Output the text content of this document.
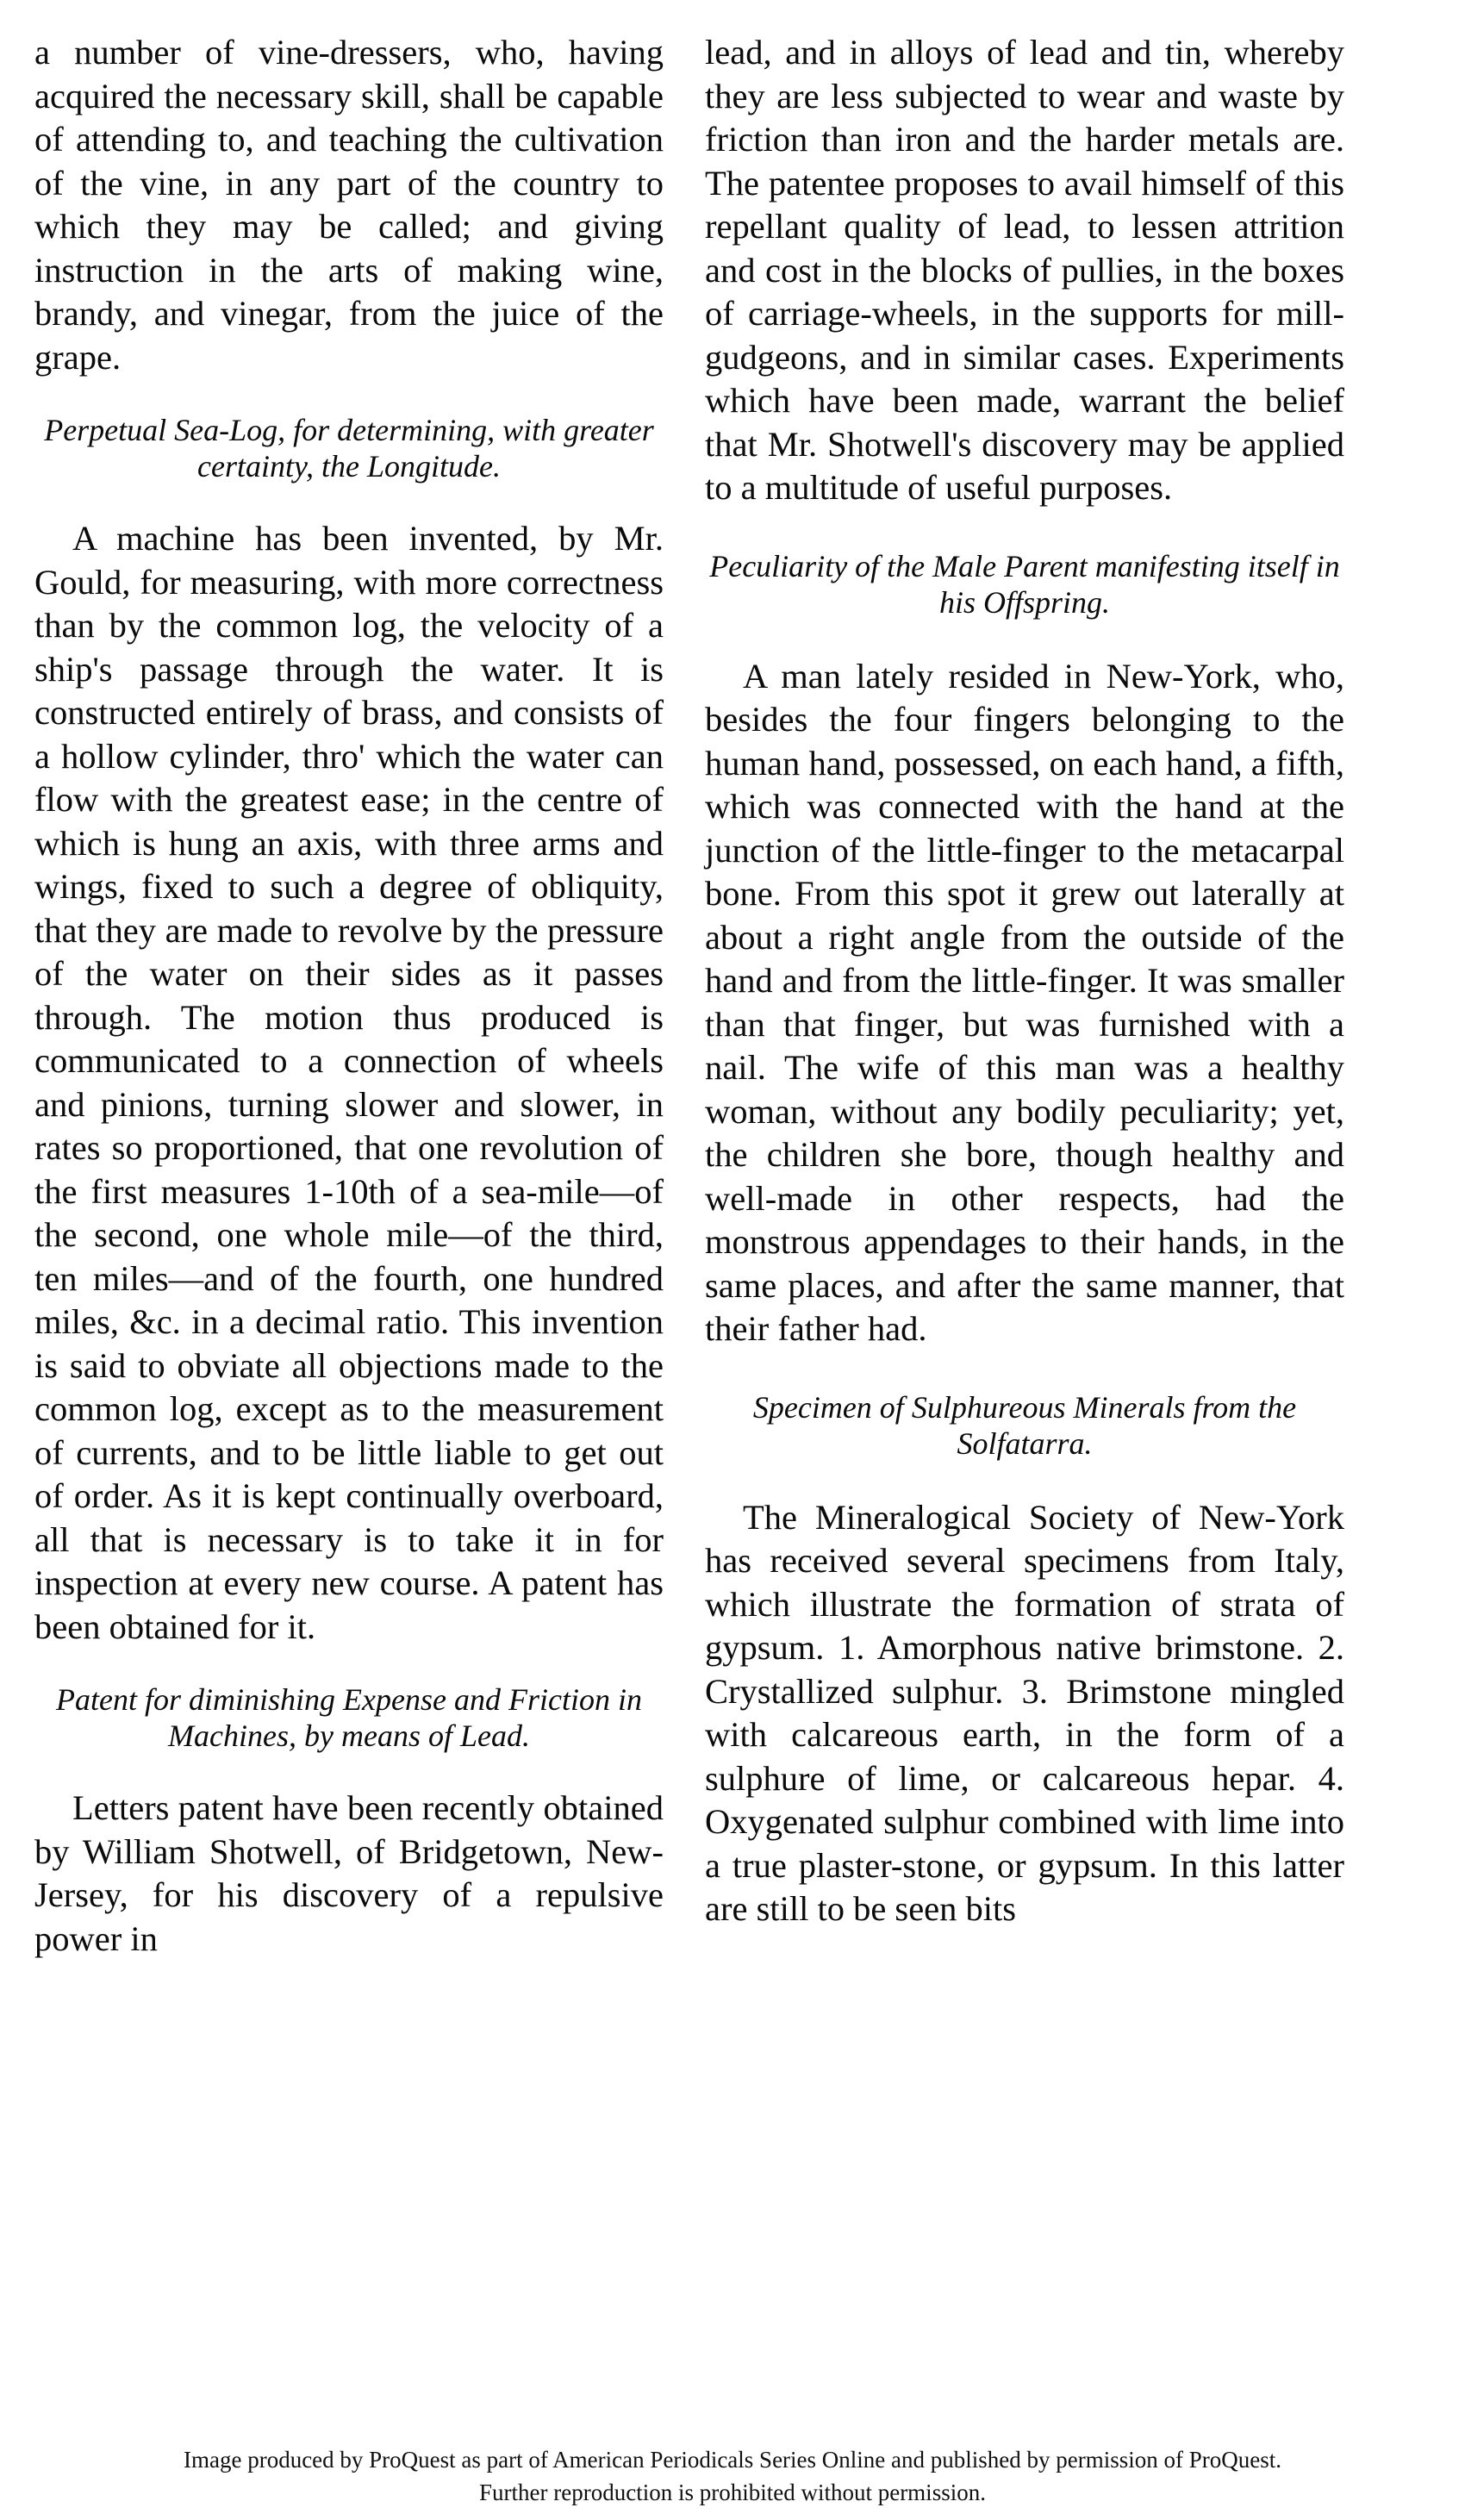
a number of vine-dressers, who, having acquired the necessary skill, shall be capable of attending to, and teaching the cultivation of the vine, in any part of the country to which they may be called; and giving instruction in the arts of making wine, brandy, and vinegar, from the juice of the grape.

Perpetual Sea-Log, for determining, with greater certainty, the Longitude.

A machine has been invented, by Mr. Gould, for measuring, with more correctness than by the common log, the velocity of a ship's passage through the water. It is constructed entirely of brass, and consists of a hollow cylinder, thro' which the water can flow with the greatest ease; in the centre of which is hung an axis, with three arms and wings, fixed to such a degree of obliquity, that they are made to revolve by the pressure of the water on their sides as it passes through. The motion thus produced is communicated to a connection of wheels and pinions, turning slower and slower, in rates so proportioned, that one revolution of the first measures 1-10th of a sea-mile—of the second, one whole mile—of the third, ten miles—and of the fourth, one hundred miles, &c. in a decimal ratio. This invention is said to obviate all objections made to the common log, except as to the measurement of currents, and to be little liable to get out of order. As it is kept continually overboard, all that is necessary is to take it in for inspection at every new course. A patent has been obtained for it.

Patent for diminishing Expense and Friction in Machines, by means of Lead.

Letters patent have been recently obtained by William Shotwell, of Bridgetown, New-Jersey, for his discovery of a repulsive power in

lead, and in alloys of lead and tin, whereby they are less subjected to wear and waste by friction than iron and the harder metals are. The patentee proposes to avail himself of this repellant quality of lead, to lessen attrition and cost in the blocks of pullies, in the boxes of carriage-wheels, in the supports for mill-gudgeons, and in similar cases. Experiments which have been made, warrant the belief that Mr. Shotwell's discovery may be applied to a multitude of useful purposes.

Peculiarity of the Male Parent manifesting itself in his Offspring.

A man lately resided in New-York, who, besides the four fingers belonging to the human hand, possessed, on each hand, a fifth, which was connected with the hand at the junction of the little-finger to the metacarpal bone. From this spot it grew out laterally at about a right angle from the outside of the hand and from the little-finger. It was smaller than that finger, but was furnished with a nail. The wife of this man was a healthy woman, without any bodily peculiarity; yet, the children she bore, though healthy and well-made in other respects, had the monstrous appendages to their hands, in the same places, and after the same manner, that their father had.

Specimen of Sulphureous Minerals from the Solfatarra.

The Mineralogical Society of New-York has received several specimens from Italy, which illustrate the formation of strata of gypsum. 1. Amorphous native brimstone. 2. Crystallized sulphur. 3. Brimstone mingled with calcareous earth, in the form of a sulphure of lime, or calcareous hepar. 4. Oxygenated sulphur combined with lime into a true plaster-stone, or gypsum. In this latter are still to be seen bits

Image produced by ProQuest as part of American Periodicals Series Online and published by permission of ProQuest.
Further reproduction is prohibited without permission.
